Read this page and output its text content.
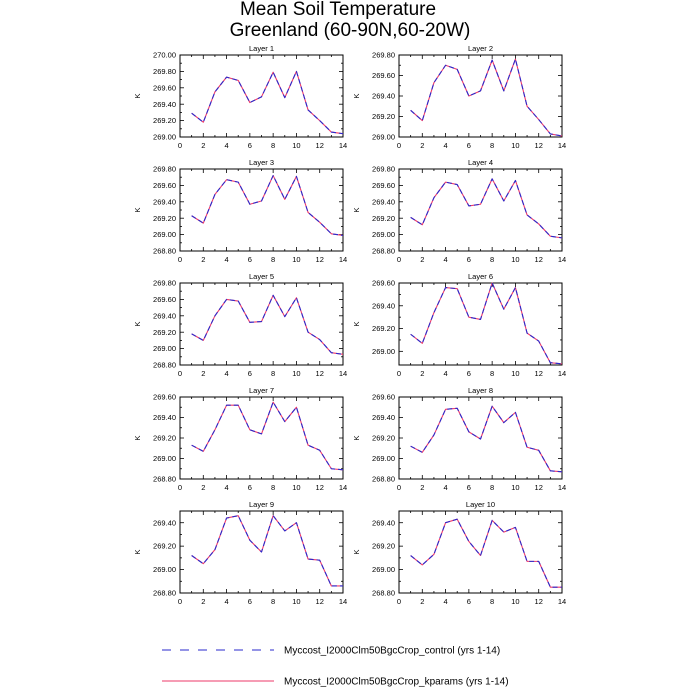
Mean Soil Temperature
Greenland (60-90N,60-20W)
Layer 1
K
0	2	4	6	8 10 12 14
269.00
269.20
269.40
269.60
269.80
270.00
Layer 2
K
0	2	4	6	8 10 12 14
269.00
269.20
269.40
269.60
269.80
Layer 3
K
0	2	4	6	8 10 12 14
268.80
269.00
269.20
269.40
269.60
269.80
Layer 4
K
0	2	4	6	8 10 12 14
268.80
269.00
269.20
269.40
269.60
269.80
Layer 5
K
0	2	4	6	8 10 12 14
268.80
269.00
269.20
269.40
269.60
269.80
Layer 6
K
0	2	4	6	8 10 12 14
269.00
269.20
269.40
269.60
Layer 7
K
0	2	4	6	8 10 12 14
268.80
269.00
269.20
269.40
269.60
Layer 8
K
0	2	4	6	8 10 12 14
268.80
269.00
269.20
269.40
269.60
Layer 9
K
0	2	4	6	8 10 12 14
268.80
269.00
269.20
269.40
Layer 10
K
0	2	4	6	8 10 12 14
268.80
269.00
269.20
269.40
Myccost_I2000Clm50BgcCrop_control (yrs 1-14)
Myccost_I2000Clm50BgcCrop_kparams (yrs 1-14)
